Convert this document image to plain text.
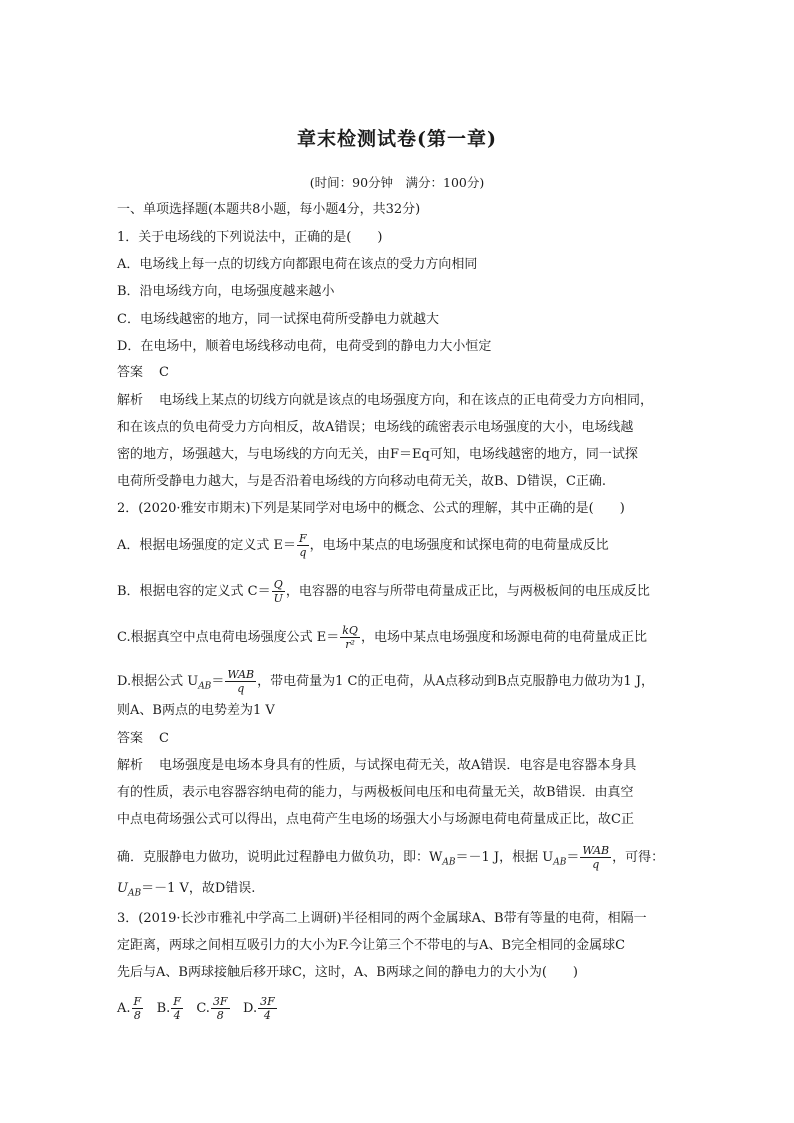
章末检测试卷(第一章)
(时间：90分钟　满分：100分)
一、单项选择题(本题共8小题，每小题4分，共32分)
1．关于电场线的下列说法中，正确的是(　　)
A．电场线上每一点的切线方向都跟电荷在该点的受力方向相同
B．沿电场线方向，电场强度越来越小
C．电场线越密的地方，同一试探电荷所受静电力就越大
D．在电场中，顺着电场线移动电荷，电荷受到的静电力大小恒定
答案 C
解析 电场线上某点的切线方向就是该点的电场强度方向，和在该点的正电荷受力方向相同，
和在该点的负电荷受力方向相反，故A错误；电场线的疏密表示电场强度的大小，电场线越
密的地方，场强越大，与电场线的方向无关，由F＝Eq可知，电场线越密的地方，同一试探
电荷所受静电力越大，与是否沿着电场线的方向移动电荷无关，故B、D错误，C正确.
2．(2020·雅安市期末)下列是某同学对电场中的概念、公式的理解，其中正确的是(　　)
A．根据电场强度的定义式 $E= \frac{F}{q}$ ，电场中某点的电场强度和试探电荷的电荷量成反比
B．根据电容的定义式 $C= \frac{Q}{U}$ ，电容器的电容与所带电荷量成正比，与两极板间的电压成反比
C.根据真空中点电荷电场强度公式 $E= \frac{kQ}{\text{r²}}$ ，电场中某点电场强度和场源电荷的电荷量成正比
D.根据公式 $U_{AB}= \frac{\text{WAB}}{q}$ ，带电荷量为1 C的正电荷，从A点移动到B点克服静电力做功为1 J，
则A、B两点的电势差为1 V
答案 C
解析 电场强度是电场本身具有的性质，与试探电荷无关，故A错误．电容是电容器本身具
有的性质，表示电容器容纳电荷的能力，与两极板间电压和电荷量无关，故B错误．由真空
中点电荷场强公式可以得出，点电荷产生电场的场强大小与场源电荷电荷量成正比，故C正
确．克服静电力做功，说明此过程静电力做负功，即：$W_{AB}=-1$ J，根据 $U_{AB}= \frac{\text{WAB}}{q}$ ，可得：
$U_{AB}=-1$ V，故D错误.
3．(2019·长沙市雅礼中学高二上调研)半径相同的两个金属球A、B带有等量的电荷，相隔一
定距离，两球之间相互吸引力的大小为F.今让第三个不带电的与A、B完全相同的金属球C
先后与A、B两球接触后移开球C，这时，A、B两球之间的静电力的大小为(　　)
A. $\frac{F}{8} B$. $\frac{F}{4} C$. $\frac{3F}{8} D$. $\frac{3F}{4}$
